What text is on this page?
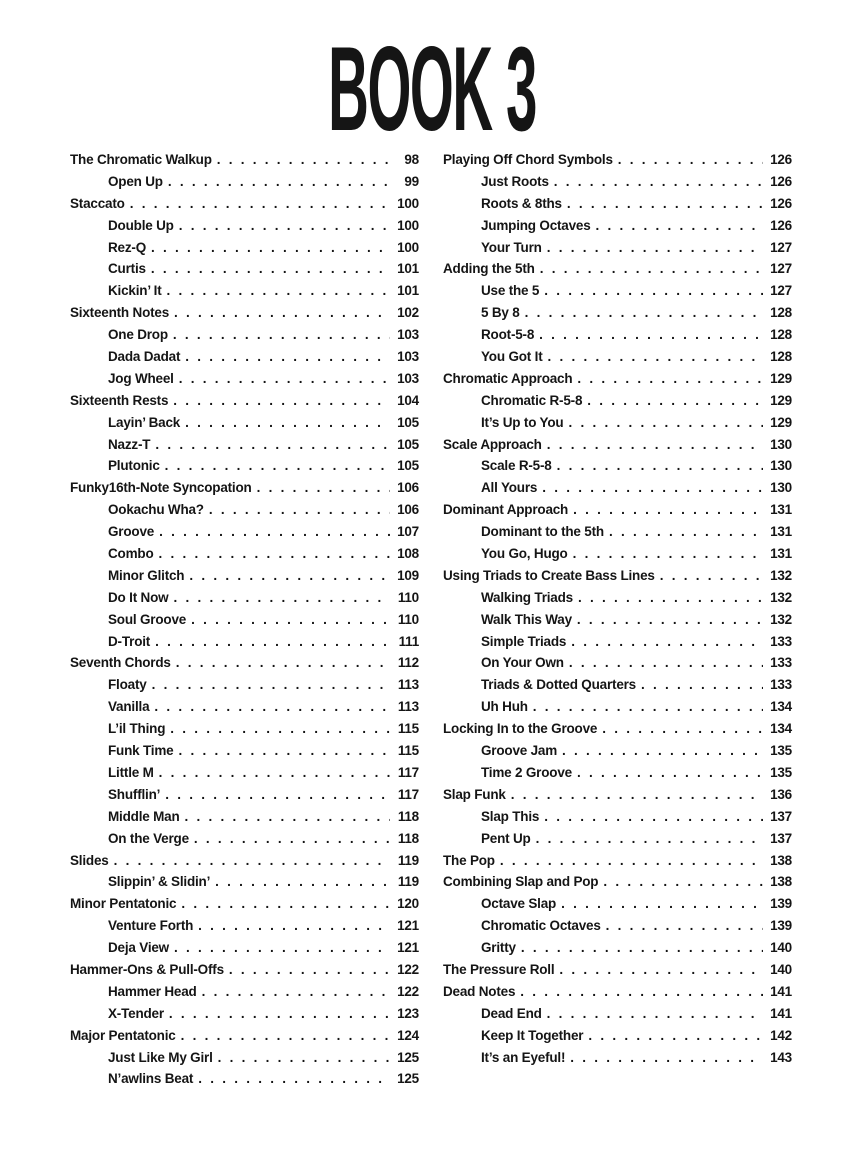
BOOK 3
The Chromatic Walkup . . .	98
Open Up . . .	99
Staccato . . .	100
Double Up . . .	100
Rez-Q . . .	100
Curtis . . .	101
Kickin’ It . . .	101
Sixteenth Notes . . .	102
One Drop . . .	103
Dada Dadat . . .	103
Jog Wheel . . .	103
Sixteenth Rests . . .	104
Layin’ Back . . .	105
Nazz-T . . .	105
Plutonic . . .	105
Funky16th-Note Syncopation . . .	106
Ookachu Wha? . . .	106
Groove . . .	107
Combo . . .	108
Minor Glitch . . .	109
Do It Now . . .	110
Soul Groove . . .	110
D-Troit . . .	111
Seventh Chords . . .	112
Floaty . . .	113
Vanilla . . .	113
L’il Thing . . .	115
Funk Time . . .	115
Little M . . .	117
Shufflin’ . . .	117
Middle Man . . .	118
On the Verge . . .	118
Slides . . .	119
Slippin’ & Slidin’ . . .	119
Minor Pentatonic . . .	120
Venture Forth . . .	121
Deja View . . .	121
Hammer-Ons & Pull-Offs . . .	122
Hammer Head . . .	122
X-Tender . . .	123
Major Pentatonic . . .	124
Just Like My Girl . . .	125
N’awlins Beat . . .	125
Playing Off Chord Symbols . . .	126
Just Roots . . .	126
Roots & 8ths . . .	126
Jumping Octaves . . .	126
Your Turn . . .	127
Adding the 5th . . .	127
Use the 5 . . .	127
5 By 8 . . .	128
Root-5-8 . . .	128
You Got It . . .	128
Chromatic Approach . . .	129
Chromatic R-5-8 . . .	129
It’s Up to You . . .	129
Scale Approach . . .	130
Scale R-5-8 . . .	130
All Yours . . .	130
Dominant Approach . . .	131
Dominant to the 5th . . .	131
You Go, Hugo . . .	131
Using Triads to Create Bass Lines . . .	132
Walking Triads . . .	132
Walk This Way . . .	132
Simple Triads . . .	133
On Your Own . . .	133
Triads & Dotted Quarters . . .	133
Uh Huh . . .	134
Locking In to the Groove . . .	134
Groove Jam . . .	135
Time 2 Groove . . .	135
Slap Funk . . .	136
Slap This . . .	137
Pent Up . . .	137
The Pop . . .	138
Combining Slap and Pop . . .	138
Octave Slap . . .	139
Chromatic Octaves . . .	139
Gritty . . .	140
The Pressure Roll . . .	140
Dead Notes . . .	141
Dead End . . .	141
Keep It Together . . .	142
It’s an Eyeful! . . .	143
